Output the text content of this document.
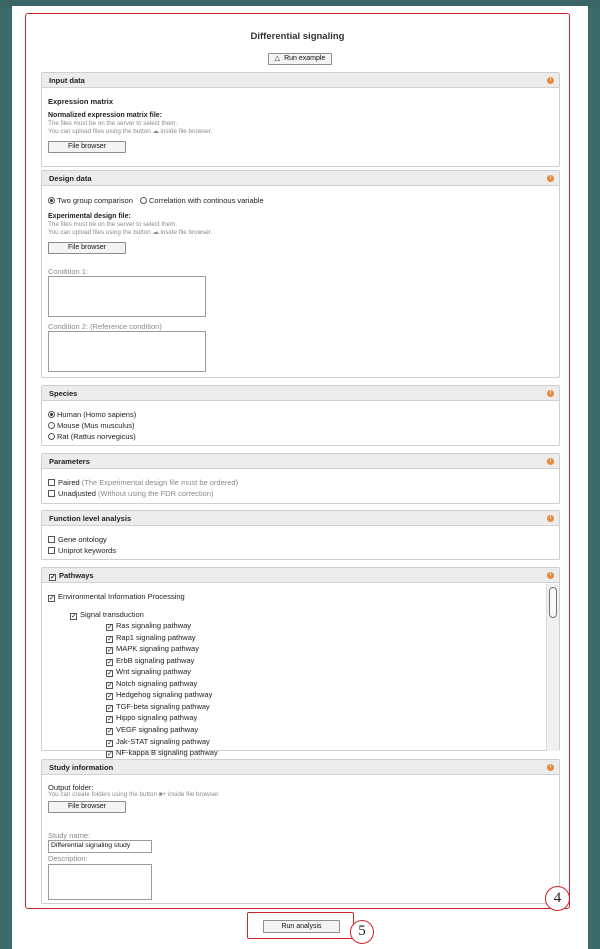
Differential signaling
△ Run example
Input data	i
Expression matrix
Normalized expression matrix file:
The files must be on the server to select them.
You can upload files using the button ☁ inside file browser.
File browser
Design data	i
Two group comparison	Correlation with continous variable
Experimental design file:
The files must be on the server to select them.
You can upload files using the button ☁ inside file browser.
File browser
Condition 1:
Condition 2: (Reference condition)
Species	i
Human (Homo sapiens)
Mouse (Mus musculus)
Rat (Rattus norvegicus)
Parameters	i
Paired (The Experimental design file must be ordered)
Unadjusted (Without using the FDR correction)
Function level analysis	i
Gene ontology
Uniprot keywords
✓ Pathways	i
✓ Environmental Information Processing
✓ Signal transduction
✓ Ras signaling pathway
✓ Rap1 signaling pathway
✓ MAPK signaling pathway
✓ ErbB signaling pathway
✓ Wnt signaling pathway
✓ Notch signaling pathway
✓ Hedgehog signaling pathway
✓ TGF-beta signaling pathway
✓ Hippo signaling pathway
✓ VEGF signaling pathway
✓ Jak-STAT signaling pathway
✓ NF-kappa B signaling pathway
Study information	i
Output folder:
You can create folders using the button ■+ inside file browser.
File browser
Study name:
Differential signaling study
Description:
4
Run analysis	5
